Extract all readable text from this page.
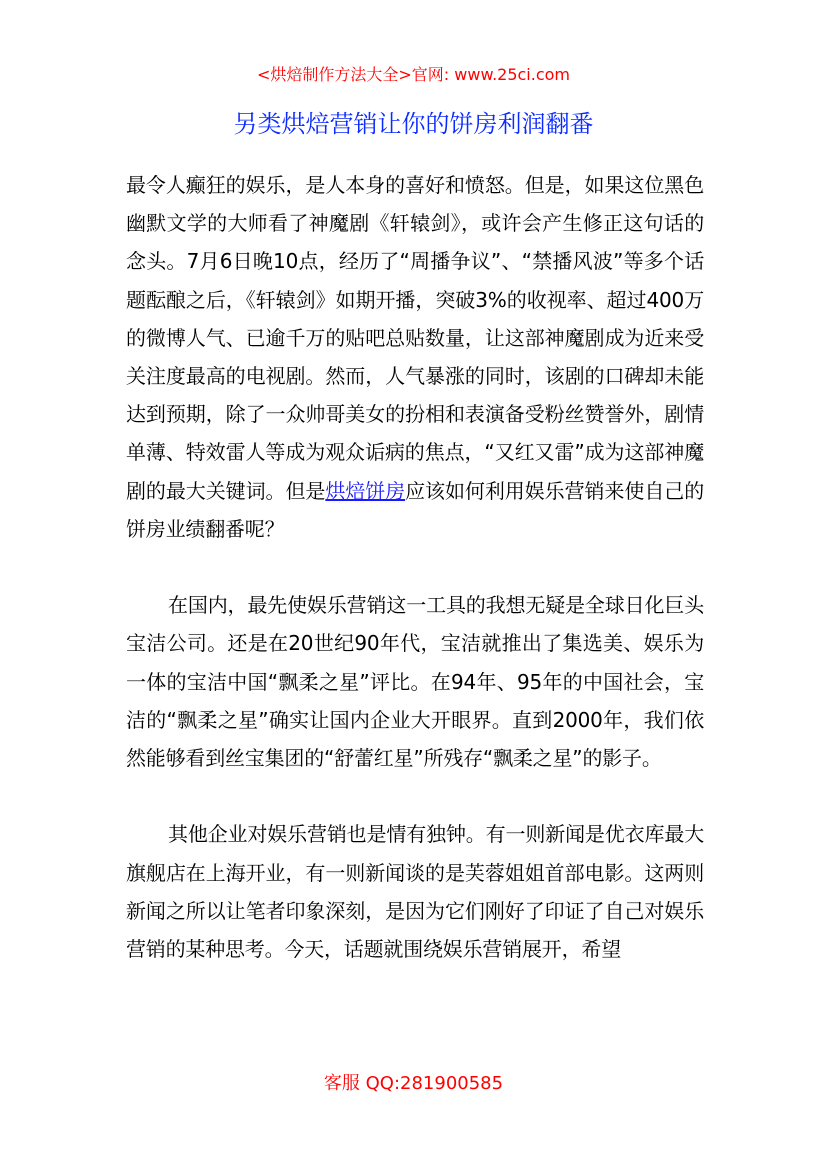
<烘焙制作方法大全>官网: www.25ci.com
另类烘焙营销让你的饼房利润翻番

最令人癫狂的娱乐，是人本身的喜好和愤怒。但是，如果这位黑色幽默文学的大师看了神魔剧《轩辕剑》，或许会产生修正这句话的念头。7月6日晚10点，经历了“周播争议”、“禁播风波”等多个话题酝酿之后，《轩辕剑》如期开播，突破3%的收视率、超过400万的微博人气、已逾千万的贴吧总贴数量，让这部神魔剧成为近来受关注度最高的电视剧。然而，人气暴涨的同时，该剧的口碑却未能达到预期，除了一众帅哥美女的扮相和表演备受粉丝赞誉外，剧情单薄、特效雷人等成为观众诟病的焦点，“又红又雷”成为这部神魔剧的最大关键词。但是烘焙饼房应该如何利用娱乐营销来使自己的饼房业绩翻番呢？

在国内，最先使娱乐营销这一工具的我想无疑是全球日化巨头宝洁公司。还是在20世纪90年代，宝洁就推出了集选美、娱乐为一体的宝洁中国“飘柔之星”评比。在94年、95年的中国社会，宝洁的“飘柔之星”确实让国内企业大开眼界。直到2000年，我们依然能够看到丝宝集团的“舒蕾红星”所残存“飘柔之星”的影子。

其他企业对娱乐营销也是情有独钟。有一则新闻是优衣库最大旗舰店在上海开业，有一则新闻谈的是芙蓉姐姐首部电影。这两则新闻之所以让笔者印象深刻，是因为它们刚好了印证了自己对娱乐营销的某种思考。今天，话题就围绕娱乐营销展开，希望

客服 QQ:281900585
